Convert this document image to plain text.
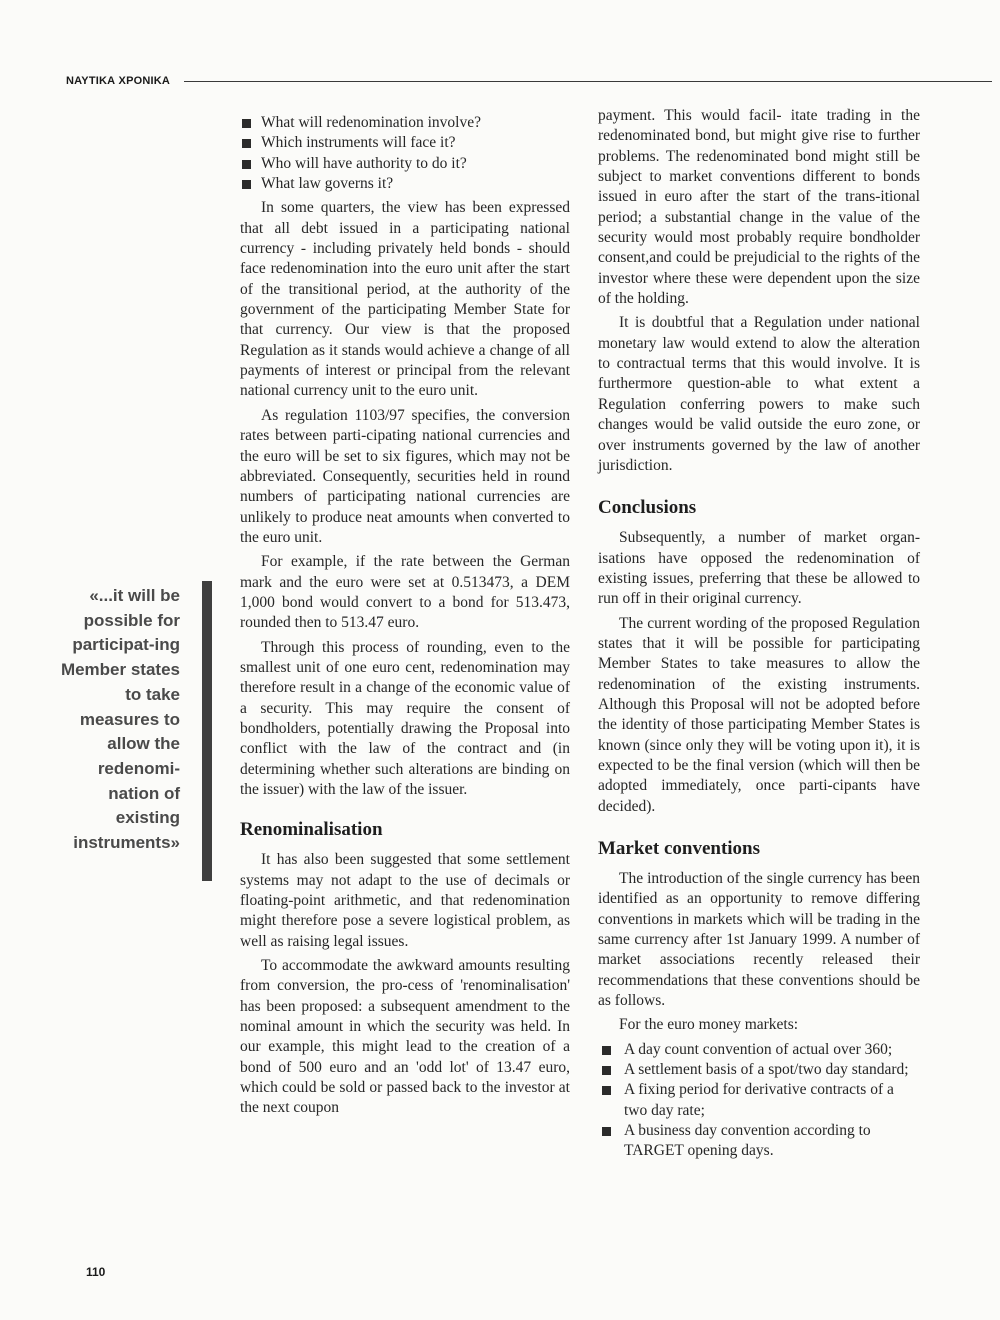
ΝΑΥΤΙΚΑ ΧΡΟΝΙΚΑ
«...it will be possible for participat-ing Member states to take measures to allow the redenomi-nation of existing instruments»
What will redenomination involve?
Which instruments will face it?
Who will have authority to do it?
What law governs it?

In some quarters, the view has been expressed that all debt issued in a participating national currency - including privately held bonds - should face redenomination into the euro unit after the start of the transitional period, at the authority of the government of the participating Member State for that currency. Our view is that the proposed Regulation as it stands would achieve a change of all payments of interest or principal from the relevant national currency unit to the euro unit.

As regulation 1103/97 specifies, the conversion rates between parti-cipating national currencies and the euro will be set to six figures, which may not be abbreviated. Consequently, securities held in round numbers of participating national currencies are unlikely to produce neat amounts when converted to the euro unit.

For example, if the rate between the German mark and the euro were set at 0.513473, a DEM 1,000 bond would convert to a bond for 513.473, rounded then to 513.47 euro.

Through this process of rounding, even to the smallest unit of one euro cent, redenomination may therefore result in a change of the economic value of a security. This may require the consent of bondholders, potentially drawing the Proposal into conflict with the law of the contract and (in determining whether such alterations are binding on the issuer) with the law of the issuer.

Renominalisation

It has also been suggested that some settlement systems may not adapt to the use of decimals or floating-point arithmetic, and that redenomination might therefore pose a severe logistical problem, as well as raising legal issues.

To accommodate the awkward amounts resulting from conversion, the pro-cess of 'renominalisation' has been proposed: a subsequent amendment to the nominal amount in which the security was held. In our example, this might lead to the creation of a bond of 500 euro and an 'odd lot' of 13.47 euro, which could be sold or passed back to the investor at the next coupon

payment. This would facil- itate trading in the redenominated bond, but might give rise to further problems. The redenominated bond might still be subject to market conventions different to bonds issued in euro after the start of the trans-itional period; a substantial change in the value of the security would most probably require bondholder consent,and could be prejudicial to the rights of the investor where these were dependent upon the size of the holding.

It is doubtful that a Regulation under national monetary law would extend to alow the alteration to contractual terms that this would involve. It is furthermore question-able to what extent a Regulation conferring powers to make such changes would be valid outside the euro zone, or over instruments governed by the law of another jurisdiction.

Conclusions

Subsequently, a number of market organ-isations have opposed the redenomination of existing issues, preferring that these be allowed to run off in their original currency.

The current wording of the proposed Regulation states that it will be possible for participating Member States to take measures to allow the redenomination of the existing instruments. Although this Proposal will not be adopted before the identity of those participating Member States is known (since only they will be voting upon it), it is expected to be the final version (which will then be adopted immediately, once parti-cipants have decided).

Market conventions

The introduction of the single currency has been identified as an opportunity to remove differing conventions in markets which will be trading in the same currency after 1st January 1999. A number of market associations recently released their recommendations that these conventions should be as follows.

For the euro money markets:

A day count convention of actual over 360;
A settlement basis of a spot/two day standard;
A fixing period for derivative contracts of a two day rate;
A business day convention according to TARGET opening days.
110
